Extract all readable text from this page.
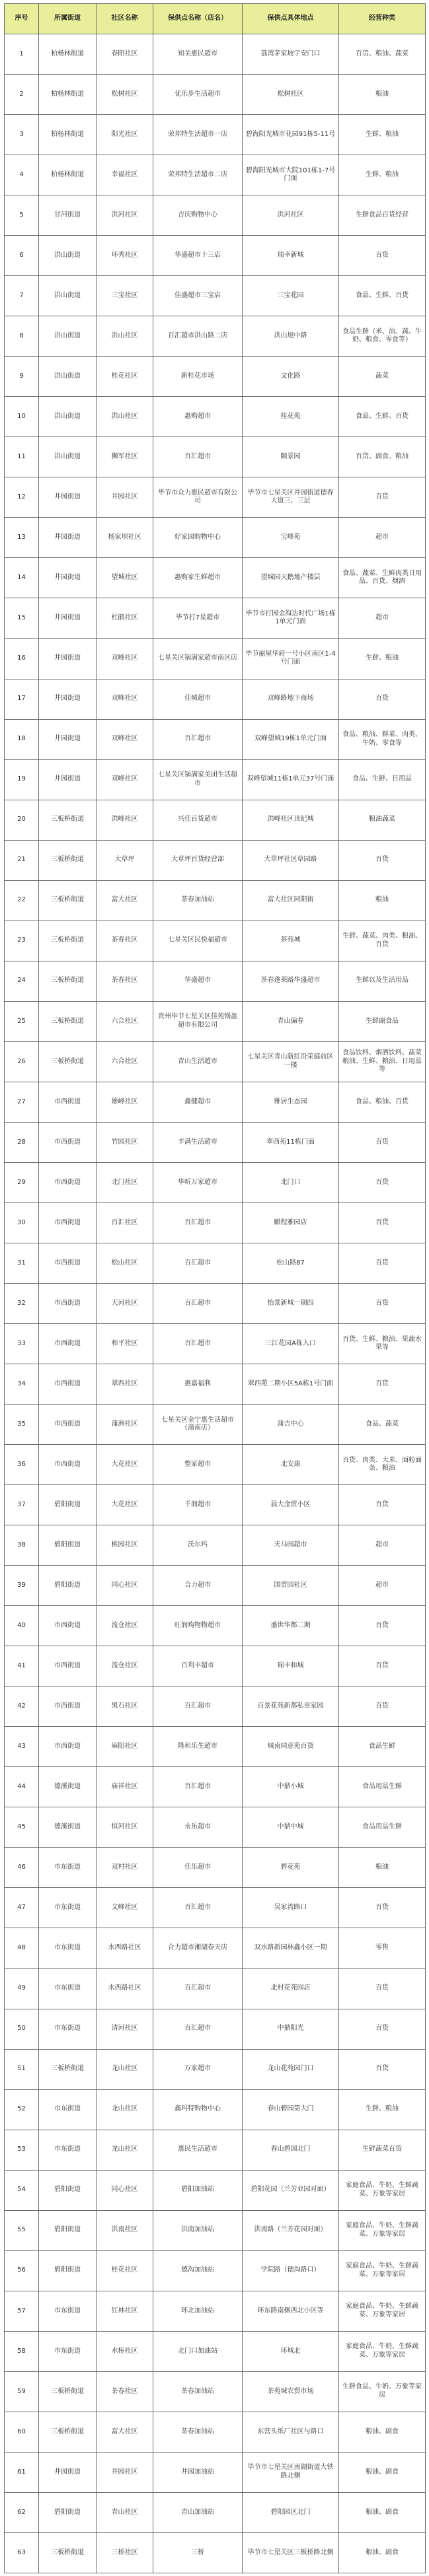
序号	所属街道	社区名称	保供点名称（店名）	保供点具体地点	经营种类
1	柏杨林街道	春阳社区	知美惠民超市	荔湾茅家坡宇安门口	百货、粮油、蔬菜
2	柏杨林街道	松树社区	优乐步生活超市	松树社区	粮油
3	柏杨林街道	阳光社区	荣邦特生活超市一店	碧海阳光城市花园91栋5-11号	生鲜、粮油
4	柏杨林街道	幸福社区	荣邦特生活超市二店	碧海阳光城市大院101栋1-7号门面	生鲜、粮油
5	甘河街道	洪河社区	吉庆购物中心	洪河社区	生鲜食品百货经营
6	洪山街道	环秀社区	华盛超市十三店	瑞幸新城	百货
7	洪山街道	三宝社区	佳盛超市三宝店	三宝花园	食品、生鲜、百货
8	洪山街道	洪山社区	百汇超市洪山路二店	洪山旭中路	食品生鲜（米、油、蔬、牛奶、粮食、零食等）
9	洪山街道	桂花社区	新桂花市场	文化路	蔬菜
10	洪山街道	洪山社区	惠购超市	桂花苑	食品、生鲜、百货
11	洪山街道	狮军社区	百汇超市	颐景园	百货、副食、粮油
12	井园街道	井园社区	毕节市众力惠民超市有限公司	毕节市七星关区井园街道德春大道三、三层	百货
13	井园街道	杨家坝社区	好家园购物中心	宝峰苑	超市
14	井园街道	望城社区	惠购家生鲜超市	望城园天鹅地产楼层	食品、蔬菜、生鲜肉类日用品、百货、烟酒
15	井园街道	杜鹃社区	毕节打7星超市	毕节市打园金海达时代广场1栋1单元门面	超市
16	井园街道	双峰社区	七星关区锅满家超市南区店	毕节丽屋华府一号小区南区1-4号门面	生鲜、粮油
17	井园街道	双峰社区	佳城超市	双峰路地下商场	百货
18	井园街道	双峰社区	百汇超市	双峰望城19栋1单元门面	食品、粮油、鲜菜、肉类、牛奶、零食等
19	井园街道	双峰社区	七星关区锅满家美团生活超市	双峰望城11栋1单元37号门面	食品、生鲜、日用品
20	三板桥街道	洪峰社区	兴佳百货超市	洪峰社区世纪城	粮油蔬菜
21	三板桥街道	大草坪	大草坪百货经营部	大草坪社区草园路	百货
22	三板桥街道	富大社区	茶春加油站	富大社区同阳街	粮油
23	三板桥街道	茶春社区	七星关区民悦福超市	茶苑城	生鲜、蔬菜、肉类、粮油、百货
24	三板桥街道	茶春社区	华盛超市	茶春蓬莱路华盛超市	生鲜以及生活用品
25	三板桥街道	六合社区	贵州毕节七星关区佳苑锅盔超市有限公司	青山偏春	生鲜副食品
26	三板桥街道	六合社区	青山生活超市	七星关区青山新红沿荣庭前区一楼	食品饮料、烟酒饮料、蔬菜粮油、生鲜、粮油、日用品等
27	市西街道	雄峰社区	鑫健超市	雅居生态园	食品、粮油、百货
28	市西街道	竹园社区	丰满生活超市	翠西苑11栋门面	百货
29	市西街道	北门社区	华昕万家超市	北门口	百货
30	市西街道	百汇社区	百汇超市	麒程雅园店	百货
31	市西街道	松山社区	百汇超市	松山路87	百货
32	市西街道	天河社区	百汇超市	怡景新城一期四	百货
33	市西街道	和平社区	百汇超市	三江花园A栋入口	百货、生鲜、粮油、果蔬水果等
34	市西街道	翠西社区	惠嘉福利	翠西苑二期小区5A栋1号门面	百货
35	市西街道	蒲洲社区	七星关区金宁惠生活超市（蒲南店）	蒲吉中心	食品、蔬菜
36	市西街道	大花社区	整家超市	北安康	百货、肉类、大米、面粉面条、粮油
37	碧阳街道	大花社区	千润超市	晨大金贸小区	百货
38	碧阳街道	桃园社区	沃尔玛	天马园超市	超市
39	碧阳街道	同心社区	合力超市	国贸园社区	超市
40	市西街道	流仓社区	旺润购物物超市	盛世华都二期	百货
41	市西街道	流仓社区	百利丰超市	瑞丰和城	百货
42	市西街道	黑石社区	百汇超市	百景花苑新都私章家园	百货
43	市西街道	麻阳社区	隆和乐生超市	城南同意苑百货	食品生鲜
44	德溪街道	庙祥社区	百汇超市	中鼎小城	食品用品生鲜
45	德溪街道	恒河社区	永乐超市	中鼎中城	食品用品生鲜
46	市东街道	双村社区	佳乐超市	碧花苑	粮油
47	市东街道	文峰社区	百汇超市	吴家湾路口	百货
48	市东街道	水西路社区	合力超市湘湖春天店	双水路新园林鑫小区一期	零售
49	市东街道	水西路社区	百汇超市	北村花苑园店	百货
50	市东街道	清河社区	百汇超市	中鼎阳光	百货
51	三板桥街道	龙山社区	万家超市	龙山花苑园门口	百货
52	市东街道	龙山社区	鑫玛特购物中心	春山碧园第大门	生鲜、粮油
53	市东街道	龙山社区	惠民生活超市	春山碧园北门	生鲜蔬菜百货
54	碧阳街道	同心社区	碧阳加油站	碧阳花园（兰芳亚园对面）	家庭食品、牛奶、生鲜蔬菜、万象等家居
55	碧阳街道	洪南社区	洪南加油站	洪南路（兰芳花园对面）	家庭食品、牛奶、生鲜蔬菜、万象等家居
56	碧阳街道	桂花社区	德沟加油站	学院路（德沟路口）	家庭食品、牛奶、生鲜蔬菜、万象等家居
57	市东街道	红林社区	环北加油站	环东路南侧西北小区等	家庭食品、牛奶、生鲜蔬菜、万象等家居
58	市东街道	水桥社区	北门口加油站	环城北	家庭食品、牛奶、生鲜蔬菜、万象等家居
59	三板桥街道	茶春社区	茶春加油站	茶苑城农贸市场	生鲜食品、牛奶、万象等家居
60	三板桥街道	富大社区	茶春加油站	东营头纸厂社区与路口	粮油、副食
61	井园街道	井园社区	井园加油站	毕节市七星关区南湖街道大铁路北侧	粮油、副食
62	碧阳街道	青山社区	青山加油站	碧阳园区北门	粮油、副食
63	三板桥街道	三桥社区	三桥	毕节市七星关区三板桥路北侧	粮油、副食
